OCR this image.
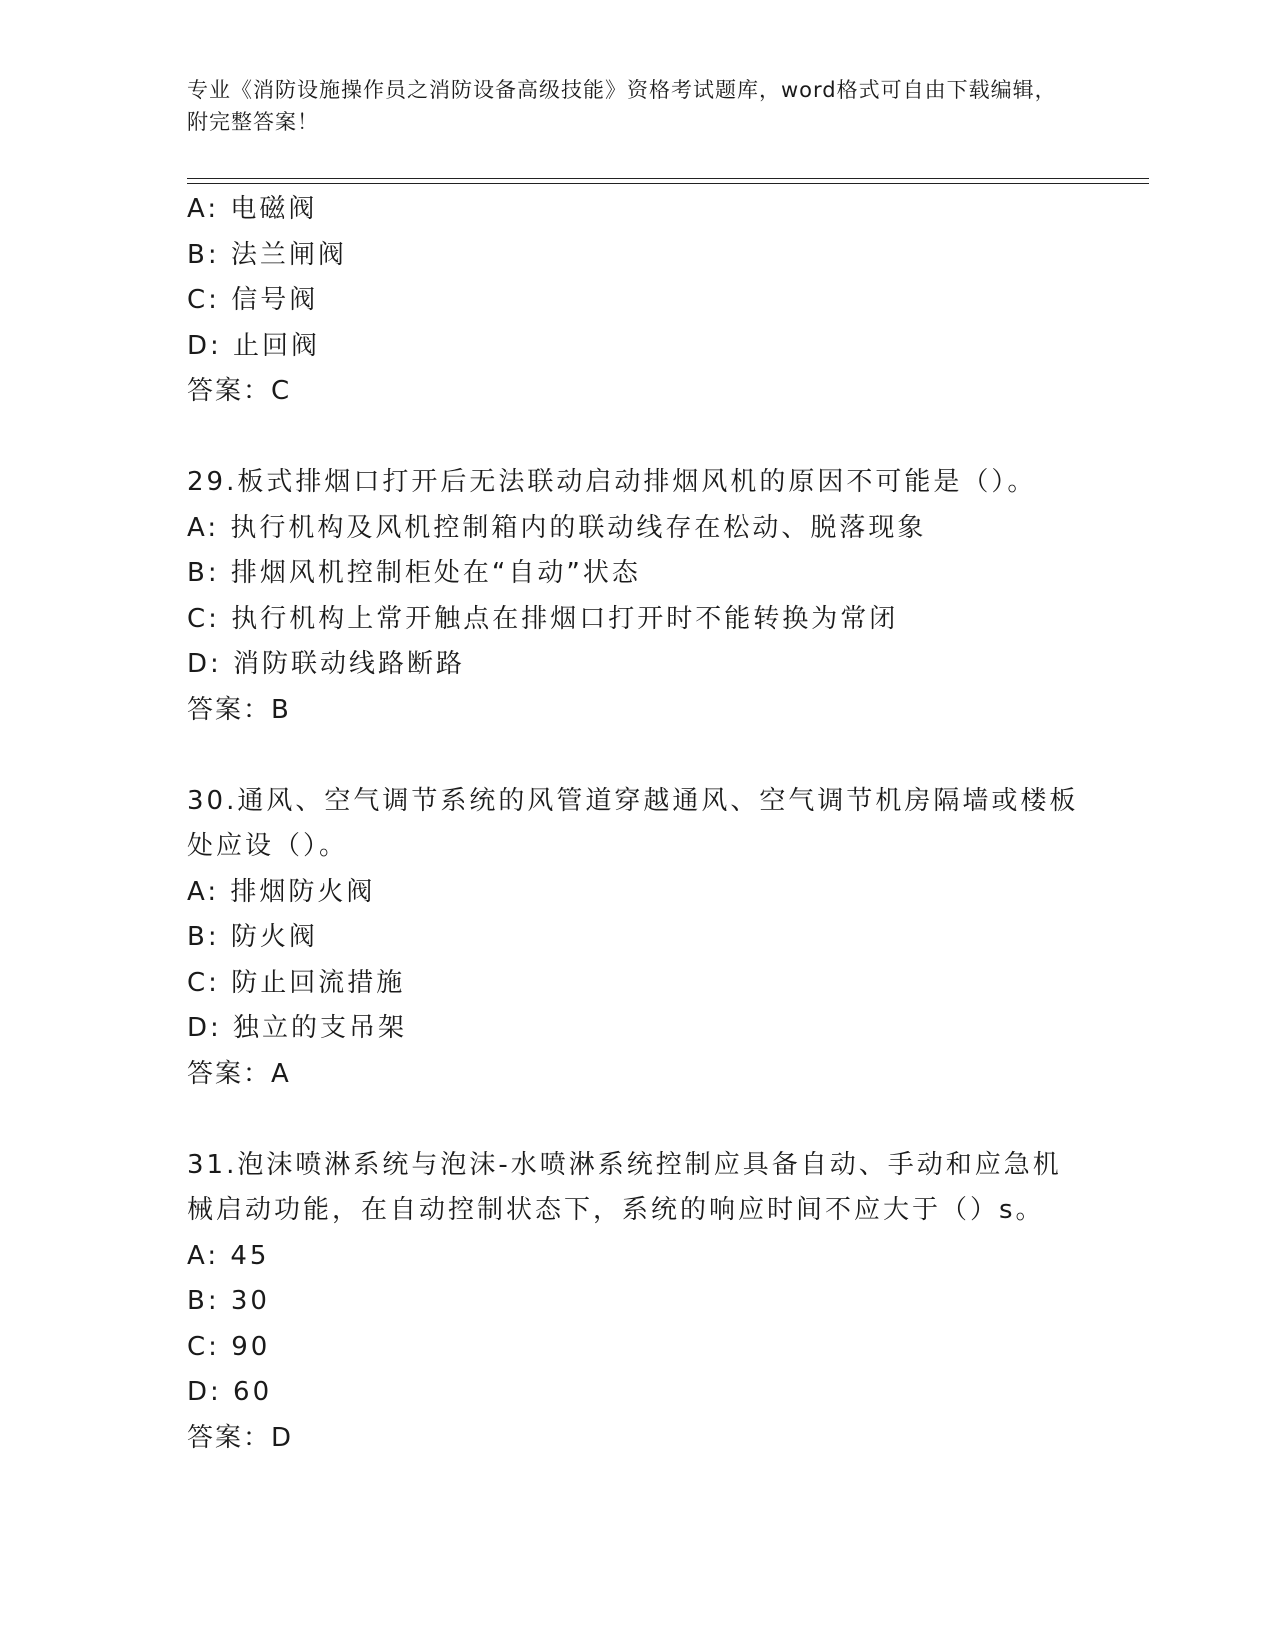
专业《消防设施操作员之消防设备高级技能》资格考试题库，word格式可自由下载编辑，附完整答案！
A: 电磁阀
B: 法兰闸阀
C: 信号阀
D: 止回阀
答案：C
29.板式排烟口打开后无法联动启动排烟风机的原因不可能是（）。
A: 执行机构及风机控制箱内的联动线存在松动、脱落现象
B: 排烟风机控制柜处在“自动”状态
C: 执行机构上常开触点在排烟口打开时不能转换为常闭
D: 消防联动线路断路
答案：B
30.通风、空气调节系统的风管道穿越通风、空气调节机房隔墙或楼板处应设（）。
A: 排烟防火阀
B: 防火阀
C: 防止回流措施
D: 独立的支吊架
答案：A
31.泡沫喷淋系统与泡沫-水喷淋系统控制应具备自动、手动和应急机械启动功能，在自动控制状态下，系统的响应时间不应大于（）s。
A: 45
B: 30
C: 90
D: 60
答案：D
